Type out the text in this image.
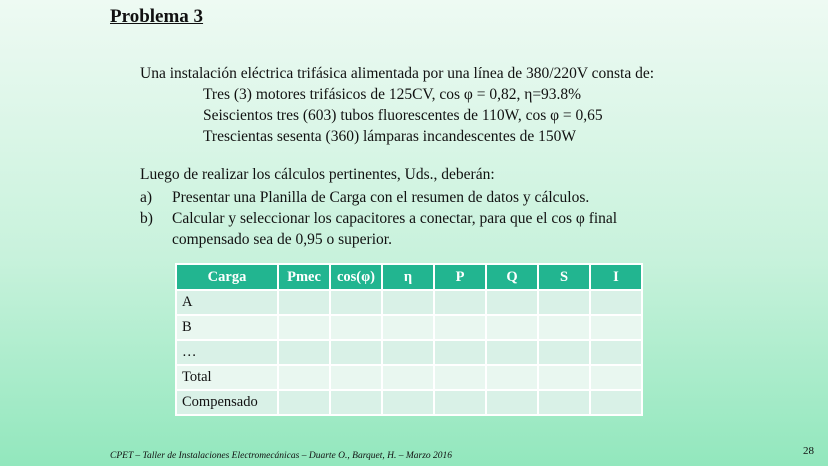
Problema 3
Una instalación eléctrica trifásica alimentada por una línea de 380/220V consta de:
Tres (3) motores trifásicos de 125CV, cos φ = 0,82, η=93.8%
Seiscientos tres (603) tubos fluorescentes de 110W, cos φ = 0,65
Trescientas sesenta (360) lámparas incandescentes de 150W
Luego de realizar los cálculos pertinentes, Uds., deberán:
a) Presentar una Planilla de Carga con el resumen de datos y cálculos.
b) Calcular y seleccionar los capacitores a conectar, para que el cos φ final
compensado sea de 0,95 o superior.
Carga	Pmec	cos(φ)	η	P	Q	S	I
A							
B							
…							
Total							
Compensado							
CPET – Taller de Instalaciones Electromecánicas – Duarte O., Barquet, H. – Marzo 2016	28
